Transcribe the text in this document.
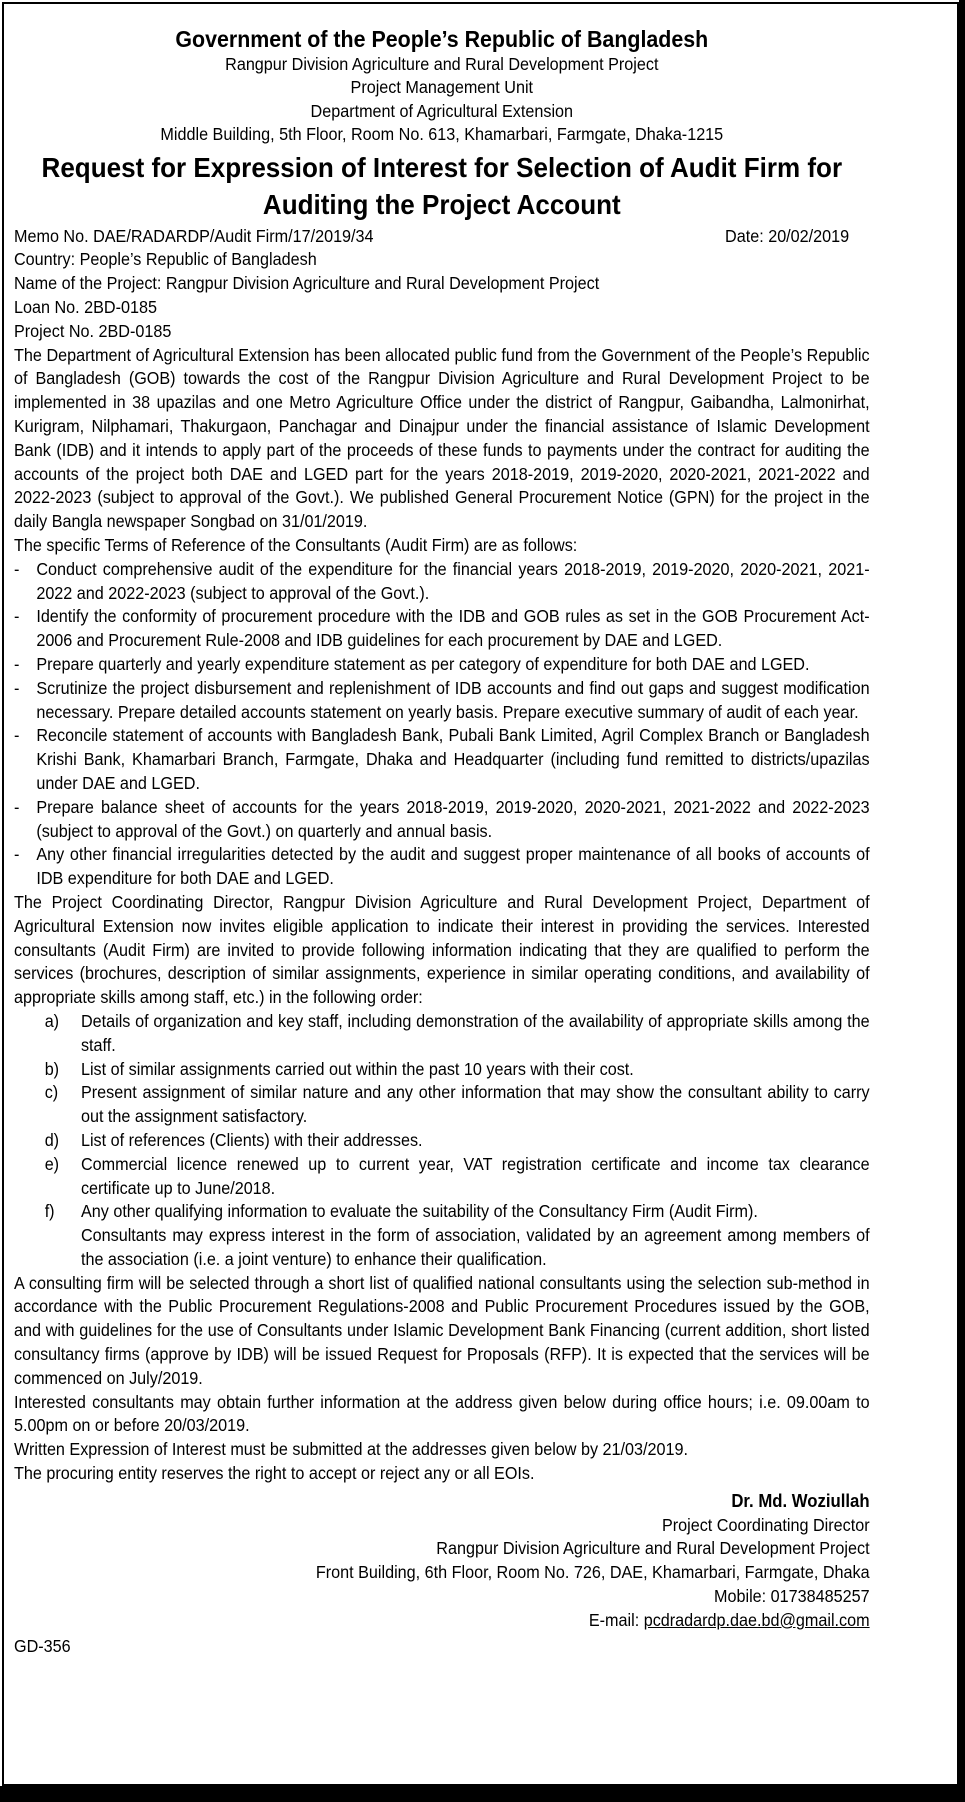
Government of the People’s Republic of Bangladesh
Rangpur Division Agriculture and Rural Development Project
Project Management Unit
Department of Agricultural Extension
Middle Building, 5th Floor, Room No. 613, Khamarbari, Farmgate, Dhaka-1215
Request for Expression of Interest for Selection of Audit Firm for Auditing the Project Account
Memo No. DAE/RADARDP/Audit Firm/17/2019/34	Date: 20/02/2019
Country: People’s Republic of Bangladesh
Name of the Project: Rangpur Division Agriculture and Rural Development Project
Loan No. 2BD-0185
Project No. 2BD-0185
The Department of Agricultural Extension has been allocated public fund from the Government of the People’s Republic of Bangladesh (GOB) towards the cost of the Rangpur Division Agriculture and Rural Development Project to be implemented in 38 upazilas and one Metro Agriculture Office under the district of Rangpur, Gaibandha, Lalmonirhat, Kurigram, Nilphamari, Thakurgaon, Panchagar and Dinajpur under the financial assistance of Islamic Development Bank (IDB) and it intends to apply part of the proceeds of these funds to payments under the contract for auditing the accounts of the project both DAE and LGED part for the years 2018-2019, 2019-2020, 2020-2021, 2021-2022 and 2022-2023 (subject to approval of the Govt.). We published General Procurement Notice (GPN) for the project in the daily Bangla newspaper Songbad on 31/01/2019.
The specific Terms of Reference of the Consultants (Audit Firm) are as follows:
- Conduct comprehensive audit of the expenditure for the financial years 2018-2019, 2019-2020, 2020-2021, 2021-2022 and 2022-2023 (subject to approval of the Govt.).
- Identify the conformity of procurement procedure with the IDB and GOB rules as set in the GOB Procurement Act- 2006 and Procurement Rule-2008 and IDB guidelines for each procurement by DAE and LGED.
- Prepare quarterly and yearly expenditure statement as per category of expenditure for both DAE and LGED.
- Scrutinize the project disbursement and replenishment of IDB accounts and find out gaps and suggest modification necessary. Prepare detailed accounts statement on yearly basis. Prepare executive summary of audit of each year.
- Reconcile statement of accounts with Bangladesh Bank, Pubali Bank Limited, Agril Complex Branch or Bangladesh Krishi Bank, Khamarbari Branch, Farmgate, Dhaka and Headquarter (including fund remitted to districts/upazilas under DAE and LGED.
- Prepare balance sheet of accounts for the years 2018-2019, 2019-2020, 2020-2021, 2021-2022 and 2022-2023 (subject to approval of the Govt.) on quarterly and annual basis.
- Any other financial irregularities detected by the audit and suggest proper maintenance of all books of accounts of IDB expenditure for both DAE and LGED.
The Project Coordinating Director, Rangpur Division Agriculture and Rural Development Project, Department of Agricultural Extension now invites eligible application to indicate their interest in providing the services. Interested consultants (Audit Firm) are invited to provide following information indicating that they are qualified to perform the services (brochures, description of similar assignments, experience in similar operating conditions, and availability of appropriate skills among staff, etc.) in the following order:
a) Details of organization and key staff, including demonstration of the availability of appropriate skills among the staff.
b) List of similar assignments carried out within the past 10 years with their cost.
c) Present assignment of similar nature and any other information that may show the consultant ability to carry out the assignment satisfactory.
d) List of references (Clients) with their addresses.
e) Commercial licence renewed up to current year, VAT registration certificate and income tax clearance certificate up to June/2018.
f) Any other qualifying information to evaluate the suitability of the Consultancy Firm (Audit Firm).
Consultants may express interest in the form of association, validated by an agreement among members of the association (i.e. a joint venture) to enhance their qualification.
A consulting firm will be selected through a short list of qualified national consultants using the selection sub-method in accordance with the Public Procurement Regulations-2008 and Public Procurement Procedures issued by the GOB, and with guidelines for the use of Consultants under Islamic Development Bank Financing (current addition, short listed consultancy firms (approve by IDB) will be issued Request for Proposals (RFP). It is expected that the services will be commenced on July/2019.
Interested consultants may obtain further information at the address given below during office hours; i.e. 09.00am to 5.00pm on or before 20/03/2019.
Written Expression of Interest must be submitted at the addresses given below by 21/03/2019.
The procuring entity reserves the right to accept or reject any or all EOIs.
Dr. Md. Woziullah
Project Coordinating Director
Rangpur Division Agriculture and Rural Development Project
Front Building, 6th Floor, Room No. 726, DAE, Khamarbari, Farmgate, Dhaka
Mobile: 01738485257
E-mail: pcdradardp.dae.bd@gmail.com
GD-356
